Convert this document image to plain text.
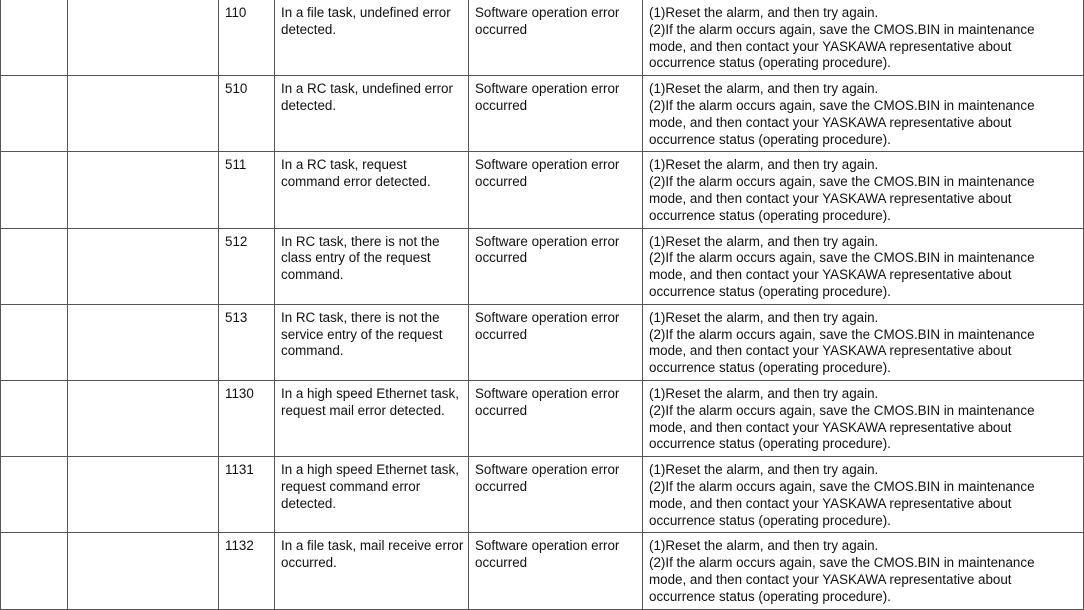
		110	In a file task, undefined error detected.	Software operation error occurred	(1)Reset the alarm, and then try again.
(2)If the alarm occurs again, save the CMOS.BIN in maintenance
mode, and then contact your YASKAWA representative about
occurrence status (operating procedure).

		510	In a RC task, undefined error detected.	Software operation error occurred	(1)Reset the alarm, and then try again.
(2)If the alarm occurs again, save the CMOS.BIN in maintenance
mode, and then contact your YASKAWA representative about
occurrence status (operating procedure).

		511	In a RC task, request command error detected.	Software operation error occurred	(1)Reset the alarm, and then try again.
(2)If the alarm occurs again, save the CMOS.BIN in maintenance
mode, and then contact your YASKAWA representative about
occurrence status (operating procedure).

		512	In RC task, there is not the class entry of the request command.	Software operation error occurred	(1)Reset the alarm, and then try again.
(2)If the alarm occurs again, save the CMOS.BIN in maintenance
mode, and then contact your YASKAWA representative about
occurrence status (operating procedure).

		513	In RC task, there is not the service entry of the request command.	Software operation error occurred	(1)Reset the alarm, and then try again.
(2)If the alarm occurs again, save the CMOS.BIN in maintenance
mode, and then contact your YASKAWA representative about
occurrence status (operating procedure).

		1130	In a high speed Ethernet task, request mail error detected.	Software operation error occurred	(1)Reset the alarm, and then try again.
(2)If the alarm occurs again, save the CMOS.BIN in maintenance
mode, and then contact your YASKAWA representative about
occurrence status (operating procedure).

		1131	In a high speed Ethernet task, request command error detected.	Software operation error occurred	(1)Reset the alarm, and then try again.
(2)If the alarm occurs again, save the CMOS.BIN in maintenance
mode, and then contact your YASKAWA representative about
occurrence status (operating procedure).

		1132	In a file task, mail receive error occurred.	Software operation error occurred	(1)Reset the alarm, and then try again.
(2)If the alarm occurs again, save the CMOS.BIN in maintenance
mode, and then contact your YASKAWA representative about
occurrence status (operating procedure).
